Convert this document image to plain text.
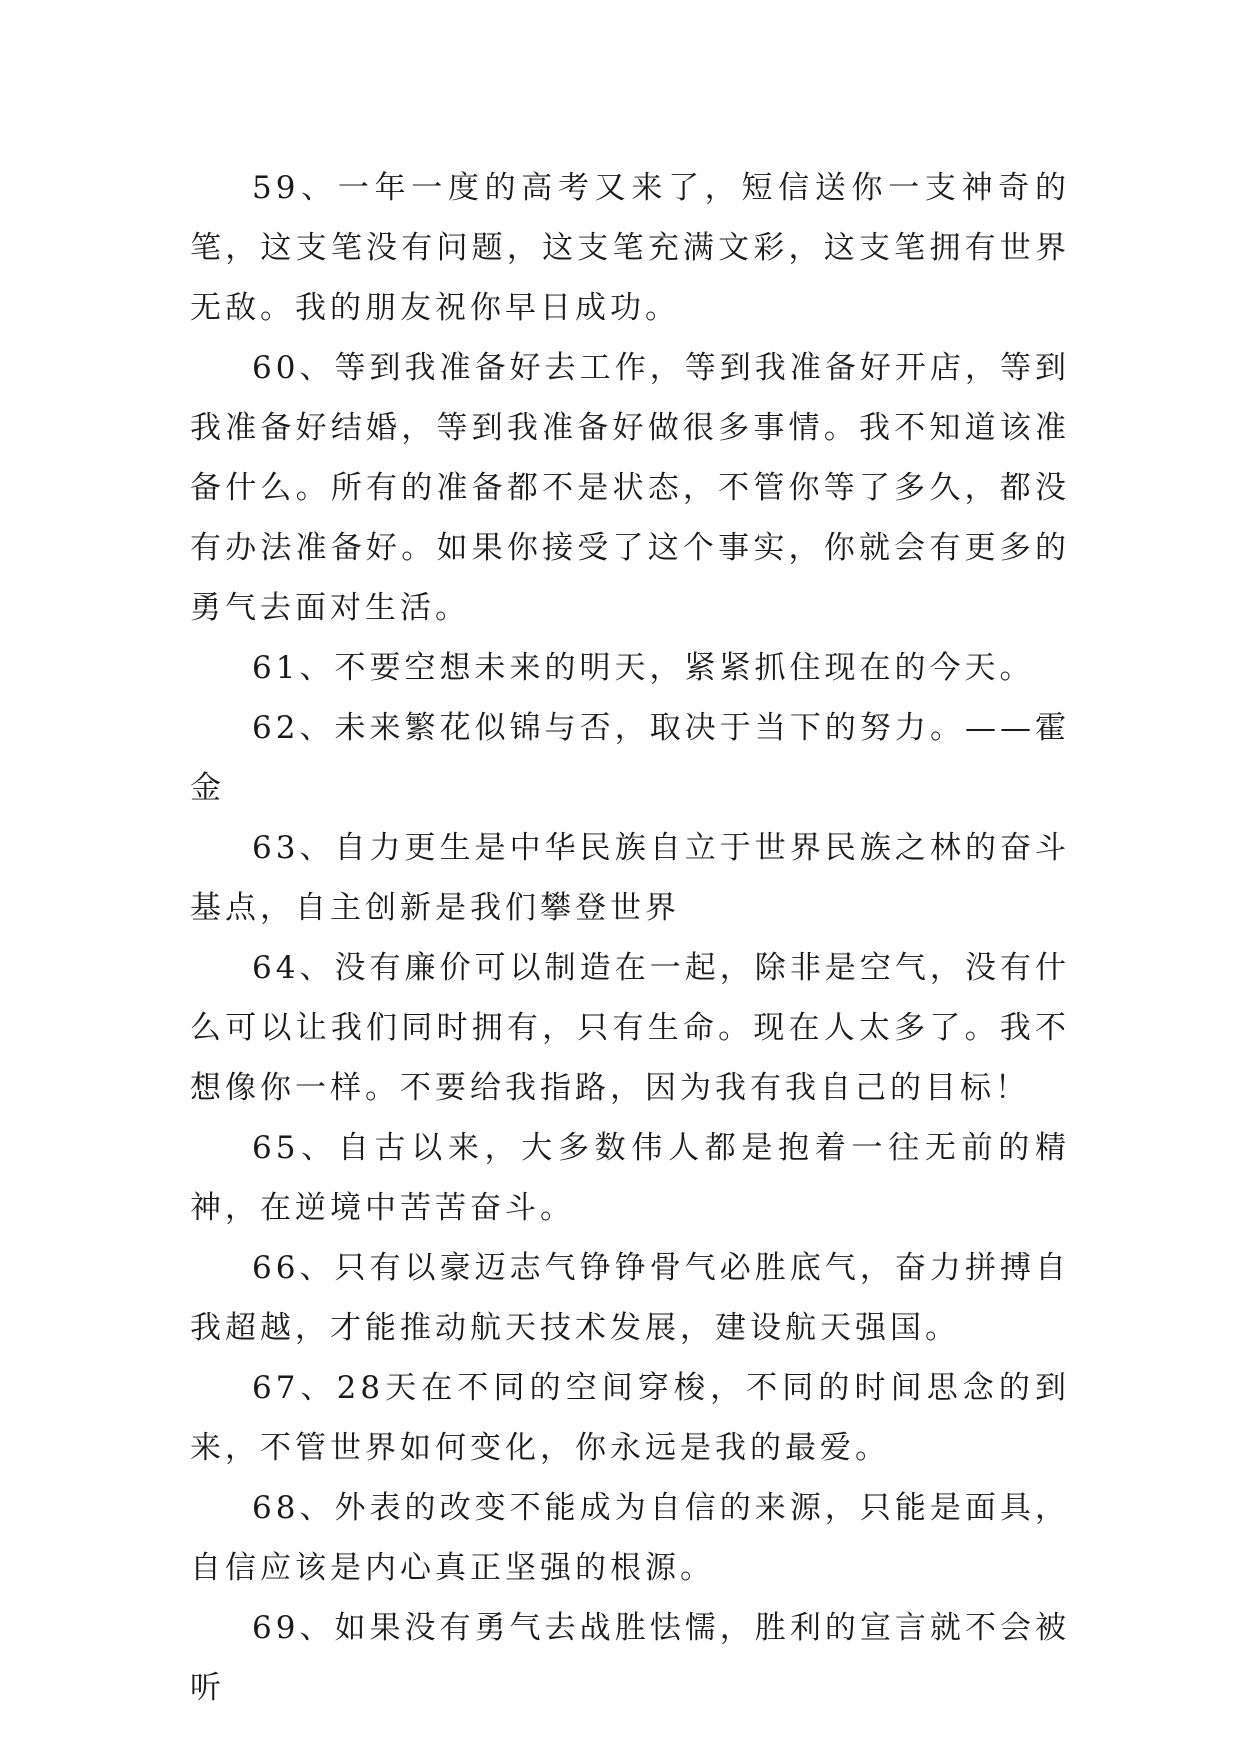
59、一年一度的高考又来了，短信送你一支神奇的笔，这支笔没有问题，这支笔充满文彩，这支笔拥有世界无敌。我的朋友祝你早日成功。

60、等到我准备好去工作，等到我准备好开店，等到我准备好结婚，等到我准备好做很多事情。我不知道该准备什么。所有的准备都不是状态，不管你等了多久，都没有办法准备好。如果你接受了这个事实，你就会有更多的勇气去面对生活。

61、不要空想未来的明天，紧紧抓住现在的今天。

62、未来繁花似锦与否，取决于当下的努力。——霍金

63、自力更生是中华民族自立于世界民族之林的奋斗基点，自主创新是我们攀登世界

64、没有廉价可以制造在一起，除非是空气，没有什么可以让我们同时拥有，只有生命。现在人太多了。我不想像你一样。不要给我指路，因为我有我自己的目标！

65、自古以来，大多数伟人都是抱着一往无前的精神，在逆境中苦苦奋斗。

66、只有以豪迈志气铮铮骨气必胜底气，奋力拼搏自我超越，才能推动航天技术发展，建设航天强国。

67、28天在不同的空间穿梭，不同的时间思念的到来，不管世界如何变化，你永远是我的最爱。

68、外表的改变不能成为自信的来源，只能是面具，自信应该是内心真正坚强的根源。

69、如果没有勇气去战胜怯懦，胜利的宣言就不会被听
